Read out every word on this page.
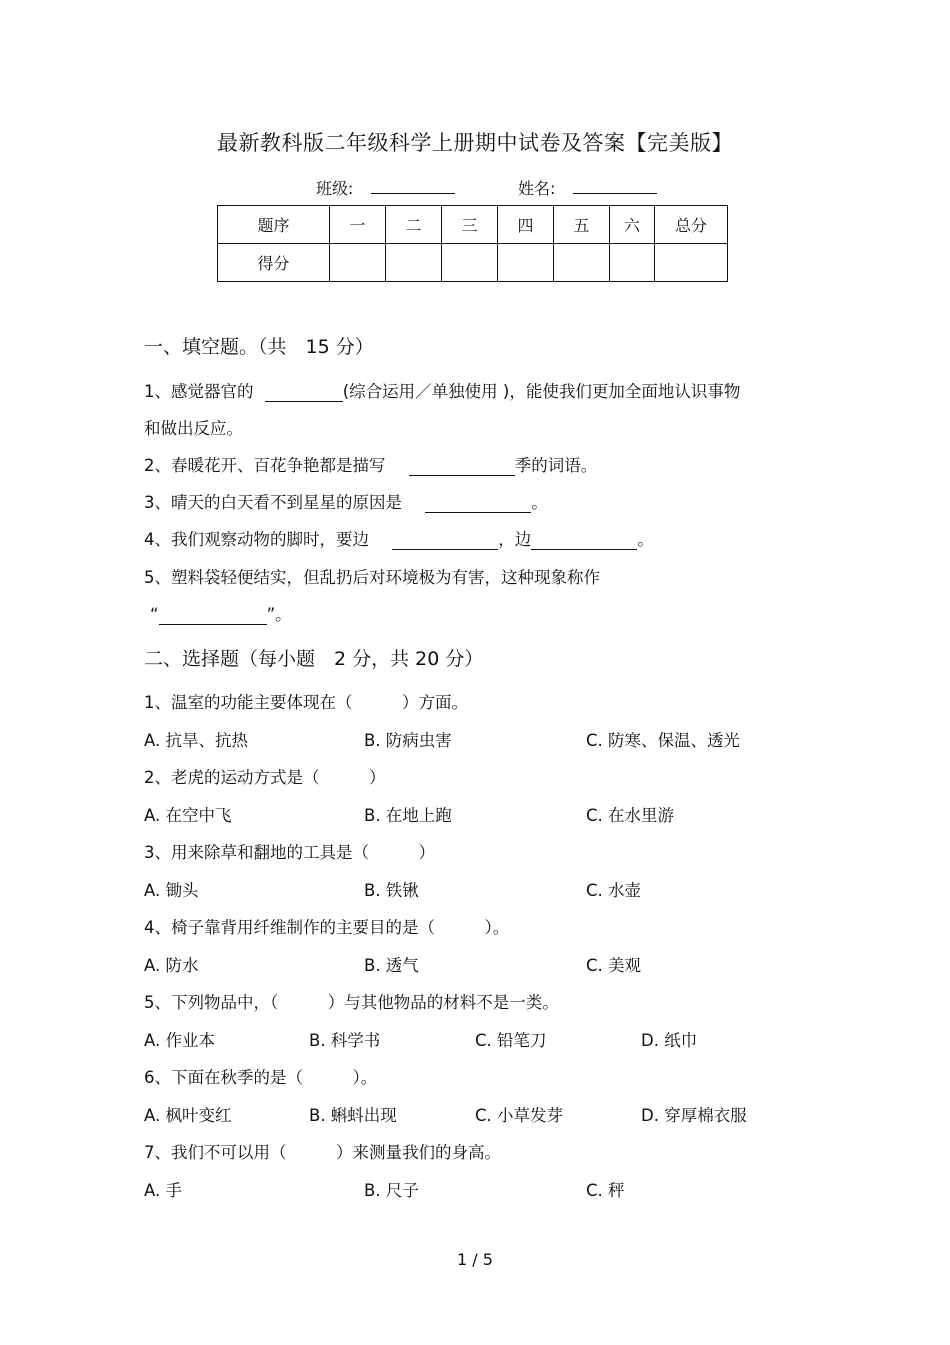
最新教科版二年级科学上册期中试卷及答案【完美版】
班级:	姓名:
题序	一	二	三	四	五	六	总分
得分							
一、填空题。（共　15 分）
1、感觉器官的	(综合运用／单独使用 )，能使我们更加全面地认识事物
和做出反应。
2、春暖花开、百花争艳都是描写	季的词语。
3、晴天的白天看不到星星的原因是	。
4、我们观察动物的脚时，要边	，边	。
5、塑料袋轻便结实，但乱扔后对环境极为有害，这种现象称作
“	”。
二、选择题（每小题　2 分，共 20 分）
1、温室的功能主要体现在（　　　）方面。
A. 抗旱、抗热	B. 防病虫害	C. 防寒、保温、透光
2、老虎的运动方式是（　　　）
A. 在空中飞	B. 在地上跑	C. 在水里游
3、用来除草和翻地的工具是（　　　）
A. 锄头	B. 铁锹	C. 水壶
4、椅子靠背用纤维制作的主要目的是（　　　）。
A. 防水	B. 透气	C. 美观
5、下列物品中，（　　　）与其他物品的材料不是一类。
A. 作业本	B. 科学书	C. 铅笔刀	D. 纸巾
6、下面在秋季的是（　　　）。
A. 枫叶变红	B. 蝌蚪出现	C. 小草发芽	D. 穿厚棉衣服
7、我们不可以用（　　　）来测量我们的身高。
A. 手	B. 尺子	C. 秤
1 / 5
